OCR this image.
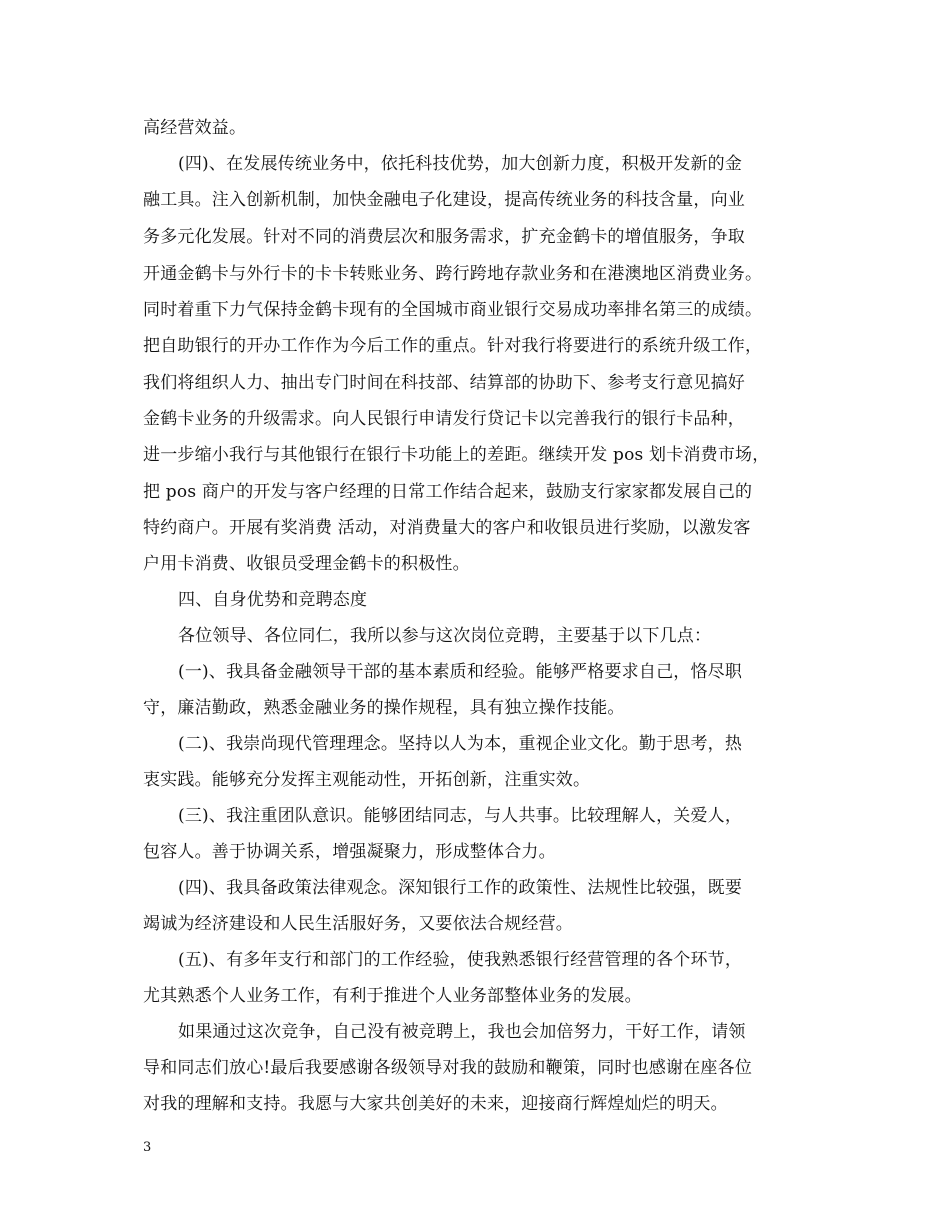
高经营效益。
(四)、在发展传统业务中，依托科技优势，加大创新力度，积极开发新的金
融工具。注入创新机制，加快金融电子化建设，提高传统业务的科技含量，向业
务多元化发展。针对不同的消费层次和服务需求，扩充金鹤卡的增值服务，争取
开通金鹤卡与外行卡的卡卡转账业务、跨行跨地存款业务和在港澳地区消费业务。
同时着重下力气保持金鹤卡现有的全国城市商业银行交易成功率排名第三的成绩。
把自助银行的开办工作作为今后工作的重点。针对我行将要进行的系统升级工作，
我们将组织人力、抽出专门时间在科技部、结算部的协助下、参考支行意见搞好
金鹤卡业务的升级需求。向人民银行申请发行贷记卡以完善我行的银行卡品种，
进一步缩小我行与其他银行在银行卡功能上的差距。继续开发 pos 划卡消费市场，
把 pos 商户的开发与客户经理的日常工作结合起来，鼓励支行家家都发展自己的
特约商户。开展有奖消费 活动，对消费量大的客户和收银员进行奖励，以激发客
户用卡消费、收银员受理金鹤卡的积极性。
四、自身优势和竞聘态度
各位领导、各位同仁，我所以参与这次岗位竞聘，主要基于以下几点：
(一)、我具备金融领导干部的基本素质和经验。能够严格要求自己，恪尽职
守，廉洁勤政，熟悉金融业务的操作规程，具有独立操作技能。
(二)、我崇尚现代管理理念。坚持以人为本，重视企业文化。勤于思考，热
衷实践。能够充分发挥主观能动性，开拓创新，注重实效。
(三)、我注重团队意识。能够团结同志，与人共事。比较理解人，关爱人，
包容人。善于协调关系，增强凝聚力，形成整体合力。
(四)、我具备政策法律观念。深知银行工作的政策性、法规性比较强，既要
竭诚为经济建设和人民生活服好务，又要依法合规经营。
(五)、有多年支行和部门的工作经验，使我熟悉银行经营管理的各个环节，
尤其熟悉个人业务工作，有利于推进个人业务部整体业务的发展。
如果通过这次竞争，自己没有被竞聘上，我也会加倍努力，干好工作，请领
导和同志们放心!最后我要感谢各级领导对我的鼓励和鞭策，同时也感谢在座各位
对我的理解和支持。我愿与大家共创美好的未来，迎接商行辉煌灿烂的明天。
3
